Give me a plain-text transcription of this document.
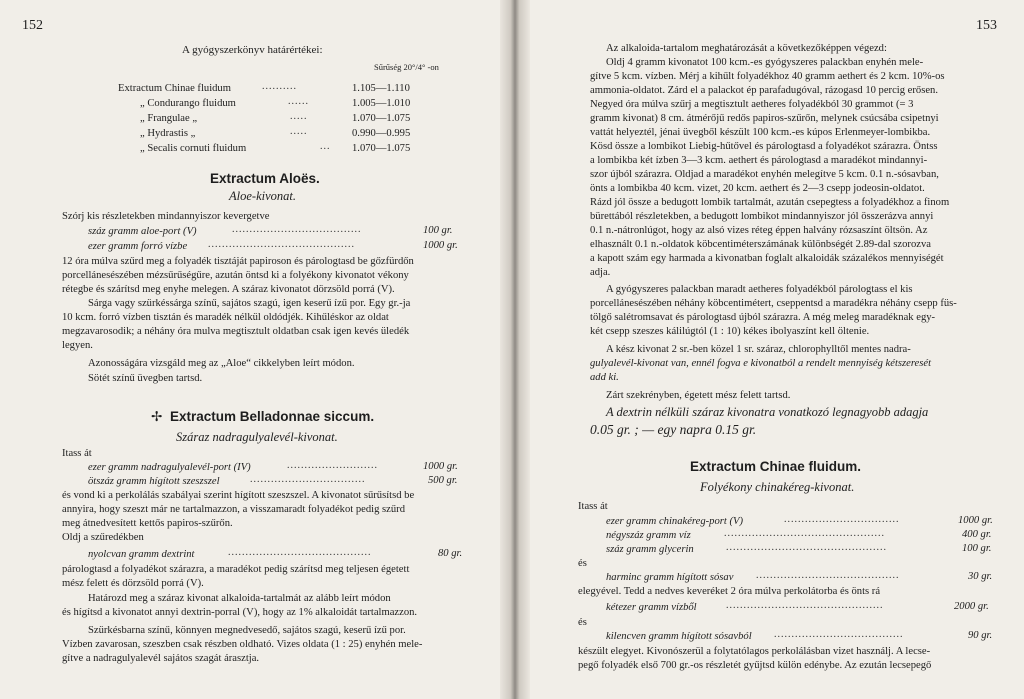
152
A gyógyszerkönyv határértékei:
Sűrűség 20°/4° -on
Extractum Chinae fluidum	..........	1.105—1.110
„ Condurango fluidum	......	1.005—1.010
„ Frangulae „	.....	1.070—1.075
„ Hydrastis „	.....	0.990—0.995
„ Secalis cornuti fluidum	...	1.070—1.075
Extractum Aloës.
Aloe-kivonat.
Szórj kis részletekben mindannyiszor kevergetve
száz gramm aloe-port (V)	.....................................	100 gr.
ezer gramm forró vízbe ..........................................	1000 gr.
12 óra múlva szűrd meg a folyadék tisztáját papiroson és párologtasd be gőzfürdőn
porcellánesészében mézsűrűségűre, azután öntsd ki a folyékony kivonatot vékony
rétegbe és szárítsd meg enyhe melegen. A száraz kivonatot dörzsöld porrá (V).
Sárga vagy szürkéssárga színű, sajátos szagú, igen keserű ízű por. Egy gr.-ja
10 kcm. forró vízben tisztán és maradék nélkül oldódjék. Kihűléskor az oldat
megzavarosodik; a néhány óra mulva megtisztult oldatban csak igen kevés üledék
legyen.
Azonosságára vizsgáld meg az „Aloe“ cikkelyben leírt módon.
Sötét színű üvegben tartsd.
✢ Extractum Belladonnae siccum.
Száraz nadragulyalevél-kivonat.
Itass át
ezer gramm nadragulyalevél-port (IV)	..........................	1000 gr.
ötszáz gramm hígított szeszszel	.................................	500 gr.
és vond ki a perkolálás szabályai szerint hígított szeszszel. A kivonatot sűrűsítsd be
annyira, hogy szeszt már ne tartalmazzon, a visszamaradt folyadékot pedig szűrd
meg átnedvesített kettős papiros-szűrőn.
Oldj a szűredékben
nyolcvan gramm dextrint	.........................................	80 gr.
párologtasd a folyadékot szárazra, a maradékot pedig szárítsd meg teljesen égetett
mész felett és dörzsöld porrá (V).
Határozd meg a száraz kivonat alkaloida-tartalmát az alább leírt módon
és hígítsd a kivonatot annyi dextrin-porral (V), hogy az 1% alkaloidát tartalmazzon.
Szürkésbarna színű, könnyen megnedvesedő, sajátos szagú, keserű ízű por.
Vízben zavarosan, szeszben csak részben oldható. Vizes oldata (1 : 25) enyhén mele-
gítve a nadragulyalevél sajátos szagát árasztja.
153
Az alkaloida-tartalom meghatározását a következőképpen végezd:
Oldj 4 gramm kivonatot 100 kcm.-es gyógyszeres palackban enyhén mele-
gítve 5 kcm. vízben. Mérj a kihűlt folyadékhoz 40 gramm aethert és 2 kcm. 10%-os
ammonia-oldatot. Zárd el a palackot ép parafadugóval, rázogasd 10 percig erősen.
Negyed óra múlva szűrj a megtisztult aetheres folyadékból 30 grammot (= 3
gramm kivonat) 8 cm. átmérőjű redős papiros-szűrőn, melynek csúcsába csipetnyi
vattát helyeztél, jénai üvegből készült 100 kcm.-es kúpos Erlenmeyer-lombikba.
Kösd össze a lombikot Liebig-hűtővel és párologtasd a folyadékot szárazra. Öntss
a lombikba két ízben 3—3 kcm. aethert és párologtasd a maradékot mindannyi-
szor újból szárazra. Oldjad a maradékot enyhén melegítve 5 kcm. 0.1 n.-sósavban,
önts a lombikba 40 kcm. vizet, 20 kcm. aethert és 2—3 csepp jodeosin-oldatot.
Rázd jól össze a bedugott lombik tartalmát, azután csepegtess a folyadékhoz a finom
bürettából részletekben, a bedugott lombikot mindannyiszor jól összerázva annyi
0.1 n.-nátronlúgot, hogy az alsó vizes réteg éppen halvány rózsaszínt öltsön. Az
elhasznált 0.1 n.-oldatok köbcentiméterszámának különbségét 2.89-dal szorozva
a kapott szám egy harmada a kivonatban foglalt alkaloidák százalékos mennyiségét
adja.
A gyógyszeres palackban maradt aetheres folyadékból párologtass el kis
porcellánesészében néhány köbcentimétert, cseppentsd a maradékra néhány csepp füs-
tölgő salétromsavat és párologtasd újból szárazra. A még meleg maradéknak egy-
két csepp szeszes kálilúgtól (1 : 10) kékes ibolyaszínt kell öltenie.
A kész kivonat 2 sr.-ben közel 1 sr. száraz, chlorophylltől mentes nadra-
gulyalevél-kivonat van, ennél fogva e kivonatból a rendelt mennyiség kétszeresét
add ki.
Zárt szekrényben, égetett mész felett tartsd.
A dextrin nélküli száraz kivonatra vonatkozó legnagyobb adagja
0.05 gr. ; — egy napra 0.15 gr.
Extractum Chinae fluidum.
Folyékony chinakéreg-kivonat.
Itass át
ezer gramm chinakéreg-port (V)	.................................	1000 gr.
négyszáz gramm víz	..............................................	400 gr.
száz gramm glycerin	..............................................	100 gr.
és
harminc gramm hígított sósav .........................................	30 gr.
elegyével. Tedd a nedves keveréket 2 óra múlva perkolátorba és önts rá
kétezer gramm vízből	.............................................	2000 gr.
és
kilencven gramm hígított sósavból .....................................	90 gr.
készült elegyet. Kivonószerül a folytatólagos perkolálásban vizet használj. A lecse-
pegő folyadék első 700 gr.-os részletét gyűjtsd külön edénybe. Az ezután lecsepegő
